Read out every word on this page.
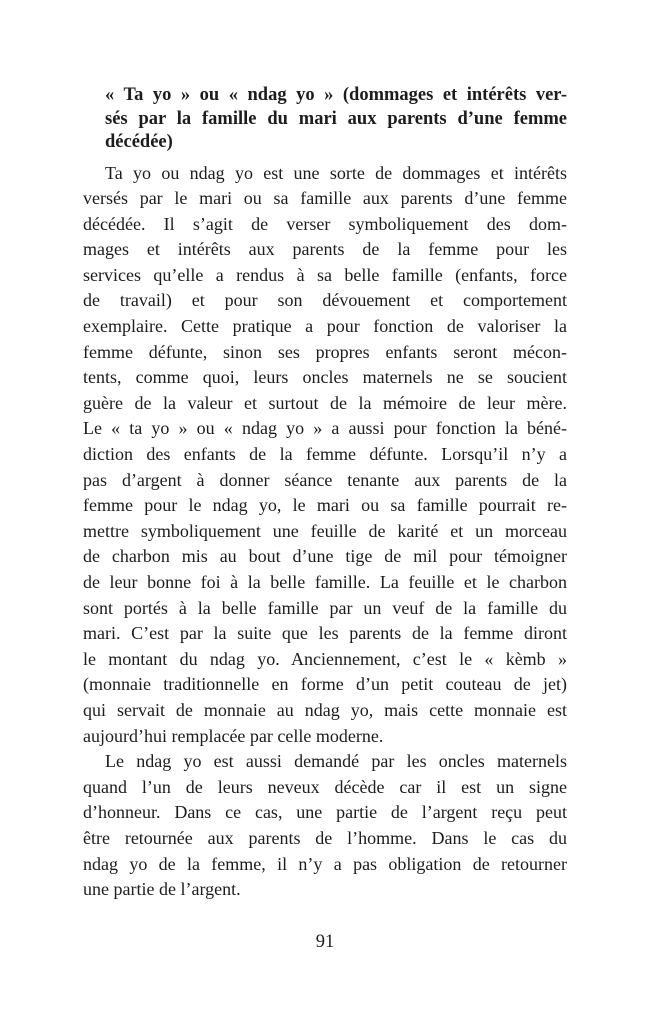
« Ta yo » ou « ndag yo » (dommages et intérêts ver-
sés par la famille du mari aux parents d’une femme
décédée)
Ta yo ou ndag yo est une sorte de dommages et intérêts
versés par le mari ou sa famille aux parents d’une femme
décédée. Il s’agit de verser symboliquement des dom-
mages et intérêts aux parents de la femme pour les
services qu’elle a rendus à sa belle famille (enfants, force
de travail) et pour son dévouement et comportement
exemplaire. Cette pratique a pour fonction de valoriser la
femme défunte, sinon ses propres enfants seront mécon-
tents, comme quoi, leurs oncles maternels ne se soucient
guère de la valeur et surtout de la mémoire de leur mère.
Le « ta yo » ou « ndag yo » a aussi pour fonction la béné-
diction des enfants de la femme défunte. Lorsqu’il n’y a
pas d’argent à donner séance tenante aux parents de la
femme pour le ndag yo, le mari ou sa famille pourrait re-
mettre symboliquement une feuille de karité et un morceau
de charbon mis au bout d’une tige de mil pour témoigner
de leur bonne foi à la belle famille. La feuille et le charbon
sont portés à la belle famille par un veuf de la famille du
mari. C’est par la suite que les parents de la femme diront
le montant du ndag yo. Anciennement, c’est le « kèmb »
(monnaie traditionnelle en forme d’un petit couteau de jet)
qui servait de monnaie au ndag yo, mais cette monnaie est
aujourd’hui remplacée par celle moderne.
Le ndag yo est aussi demandé par les oncles maternels
quand l’un de leurs neveux décède car il est un signe
d’honneur. Dans ce cas, une partie de l’argent reçu peut
être retournée aux parents de l’homme. Dans le cas du
ndag yo de la femme, il n’y a pas obligation de retourner
une partie de l’argent.
91
